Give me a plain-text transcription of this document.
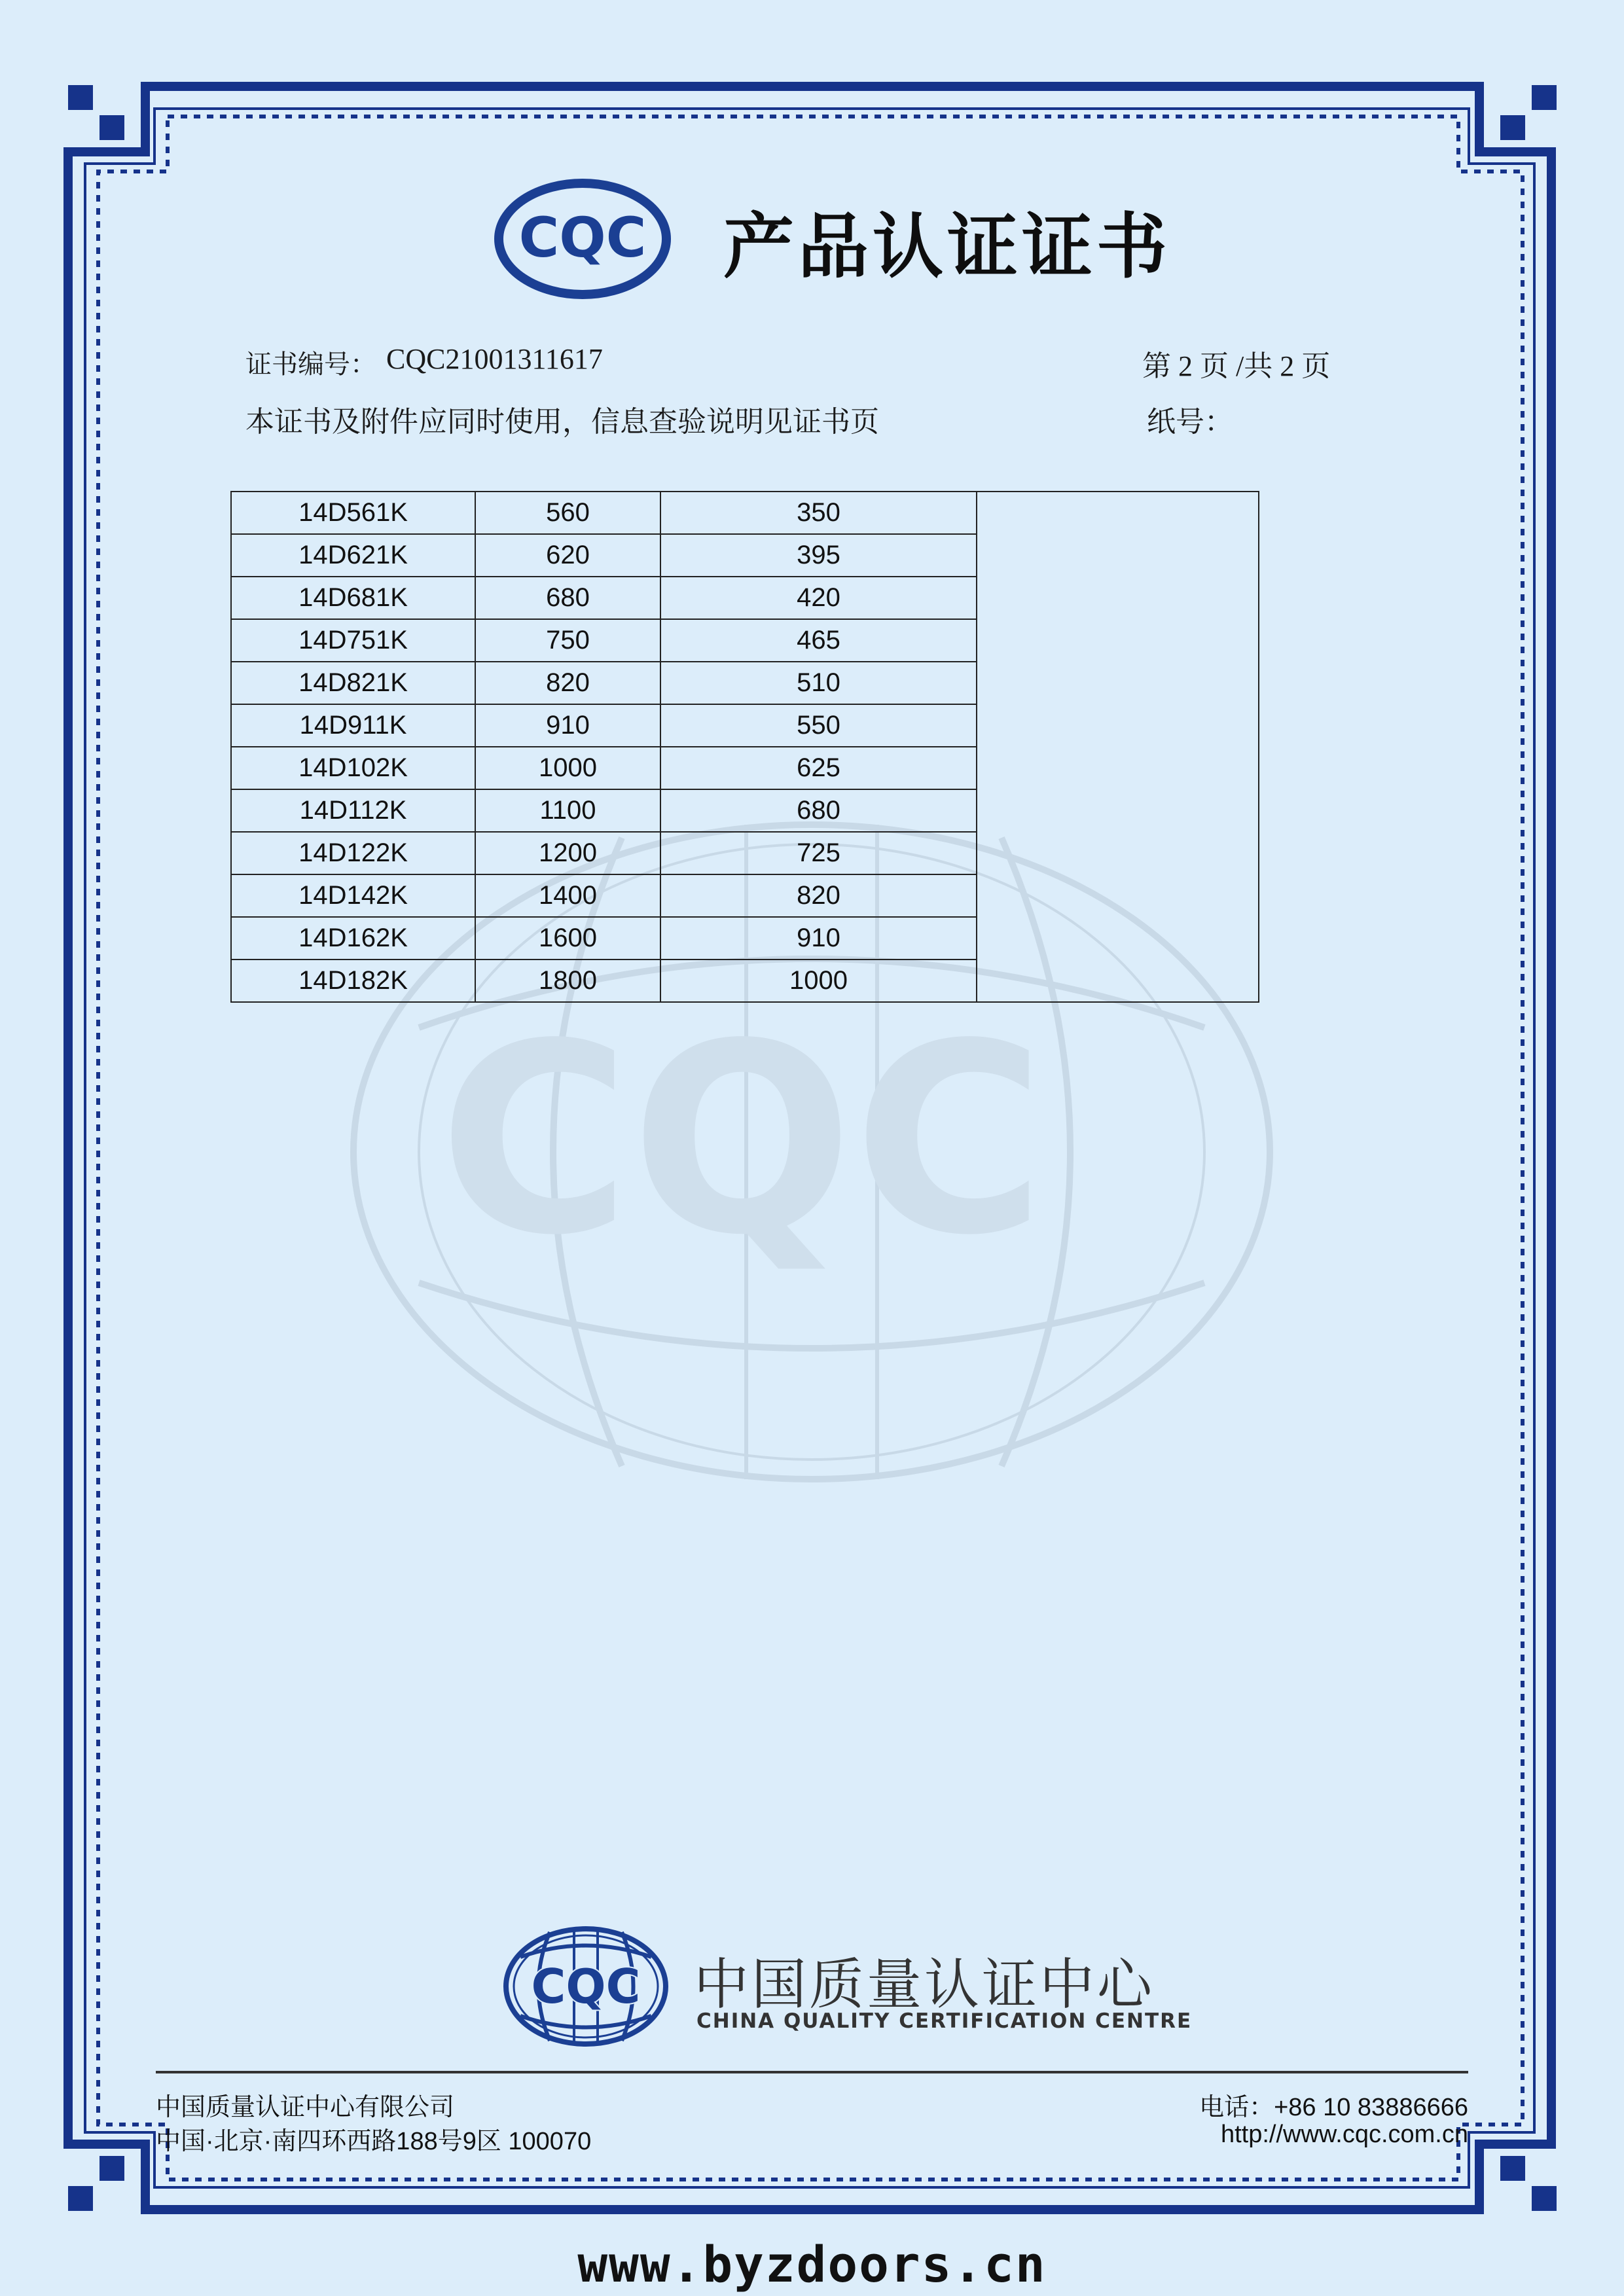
CQC
CQC 产品认证证书
证书编号： CQC21001311617	第 2 页 /共 2 页
本证书及附件应同时使用，信息查验说明见证书页	纸号：
14D561K	560	350	
14D621K	620	395	
14D681K	680	420	
14D751K	750	465	
14D821K	820	510	
14D911K	910	550	
14D102K	1000	625	
14D112K	1100	680	
14D122K	1200	725	
14D142K	1400	820	
14D162K	1600	910	
14D182K	1800	1000	
CQC 中国质量认证中心
CHINA QUALITY CERTIFICATION CENTRE
中国质量认证中心有限公司
中国·北京·南四环西路188号9区 100070
电话：+86 10 83886666
http://www.cqc.com.cn
www.byzdoors.cn
